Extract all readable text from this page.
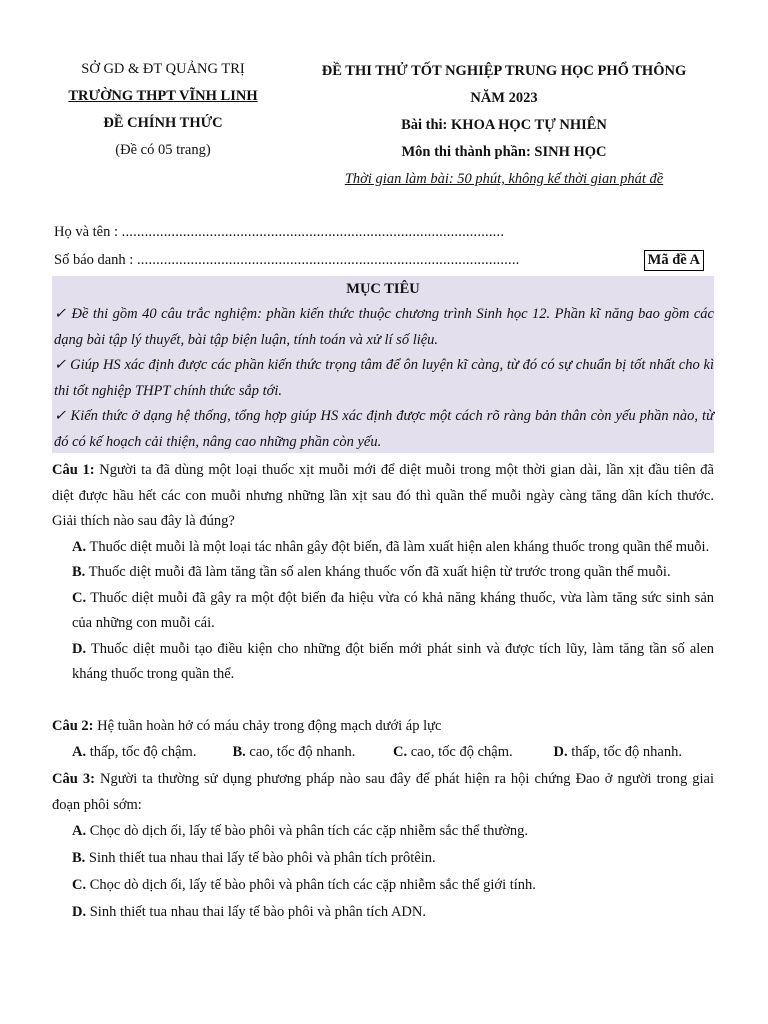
SỞ GD & ĐT QUẢNG TRỊ
TRƯỜNG THPT VĨNH LINH
ĐỀ CHÍNH THỨC
(Đề có 05 trang)
ĐỀ THI THỬ TỐT NGHIỆP TRUNG HỌC PHỔ THÔNG
NĂM 2023
Bài thi: KHOA HỌC TỰ NHIÊN
Môn thi thành phần: SINH HỌC
Thời gian làm bài: 50 phút, không kể thời gian phát đề
Họ và tên : ....................................................................................................
Số báo danh : ....................................................................................................	Mã đề A
MỤC TIÊU
✓ Đề thi gồm 40 câu trắc nghiệm: phần kiến thức thuộc chương trình Sinh học 12. Phần kĩ năng bao gồm các dạng bài tập lý thuyết, bài tập biện luận, tính toán và xử lí số liệu.
✓ Giúp HS xác định được các phần kiến thức trọng tâm để ôn luyện kĩ càng, từ đó có sự chuẩn bị tốt nhất cho kì thi tốt nghiệp THPT chính thức sắp tới.
✓ Kiến thức ở dạng hệ thống, tổng hợp giúp HS xác định được một cách rõ ràng bản thân còn yếu phần nào, từ đó có kế hoạch cải thiện, nâng cao những phần còn yếu.
Câu 1: Người ta đã dùng một loại thuốc xịt muỗi mới để diệt muỗi trong một thời gian dài, lần xịt đầu tiên đã diệt được hầu hết các con muỗi nhưng những lần xịt sau đó thì quần thể muỗi ngày càng tăng dần kích thước. Giải thích nào sau đây là đúng?
A. Thuốc diệt muỗi là một loại tác nhân gây đột biến, đã làm xuất hiện alen kháng thuốc trong quần thể muỗi.
B. Thuốc diệt muỗi đã làm tăng tần số alen kháng thuốc vốn đã xuất hiện từ trước trong quần thể muỗi.
C. Thuốc diệt muỗi đã gây ra một đột biến đa hiệu vừa có khả năng kháng thuốc, vừa làm tăng sức sinh sản của những con muỗi cái.
D. Thuốc diệt muỗi tạo điều kiện cho những đột biến mới phát sinh và được tích lũy, làm tăng tần số alen kháng thuốc trong quần thể.
Câu 2: Hệ tuần hoàn hở có máu chảy trong động mạch dưới áp lực
A. thấp, tốc độ chậm.	B. cao, tốc độ nhanh.	C. cao, tốc độ chậm.	D. thấp, tốc độ nhanh.
Câu 3: Người ta thường sử dụng phương pháp nào sau đây để phát hiện ra hội chứng Đao ở người trong giai đoạn phôi sớm:
A. Chọc dò dịch ối, lấy tế bào phôi và phân tích các cặp nhiễm sắc thể thường.
B. Sinh thiết tua nhau thai lấy tế bào phôi và phân tích prôtêin.
C. Chọc dò dịch ối, lấy tế bào phôi và phân tích các cặp nhiễm sắc thể giới tính.
D. Sinh thiết tua nhau thai lấy tế bào phôi và phân tích ADN.
